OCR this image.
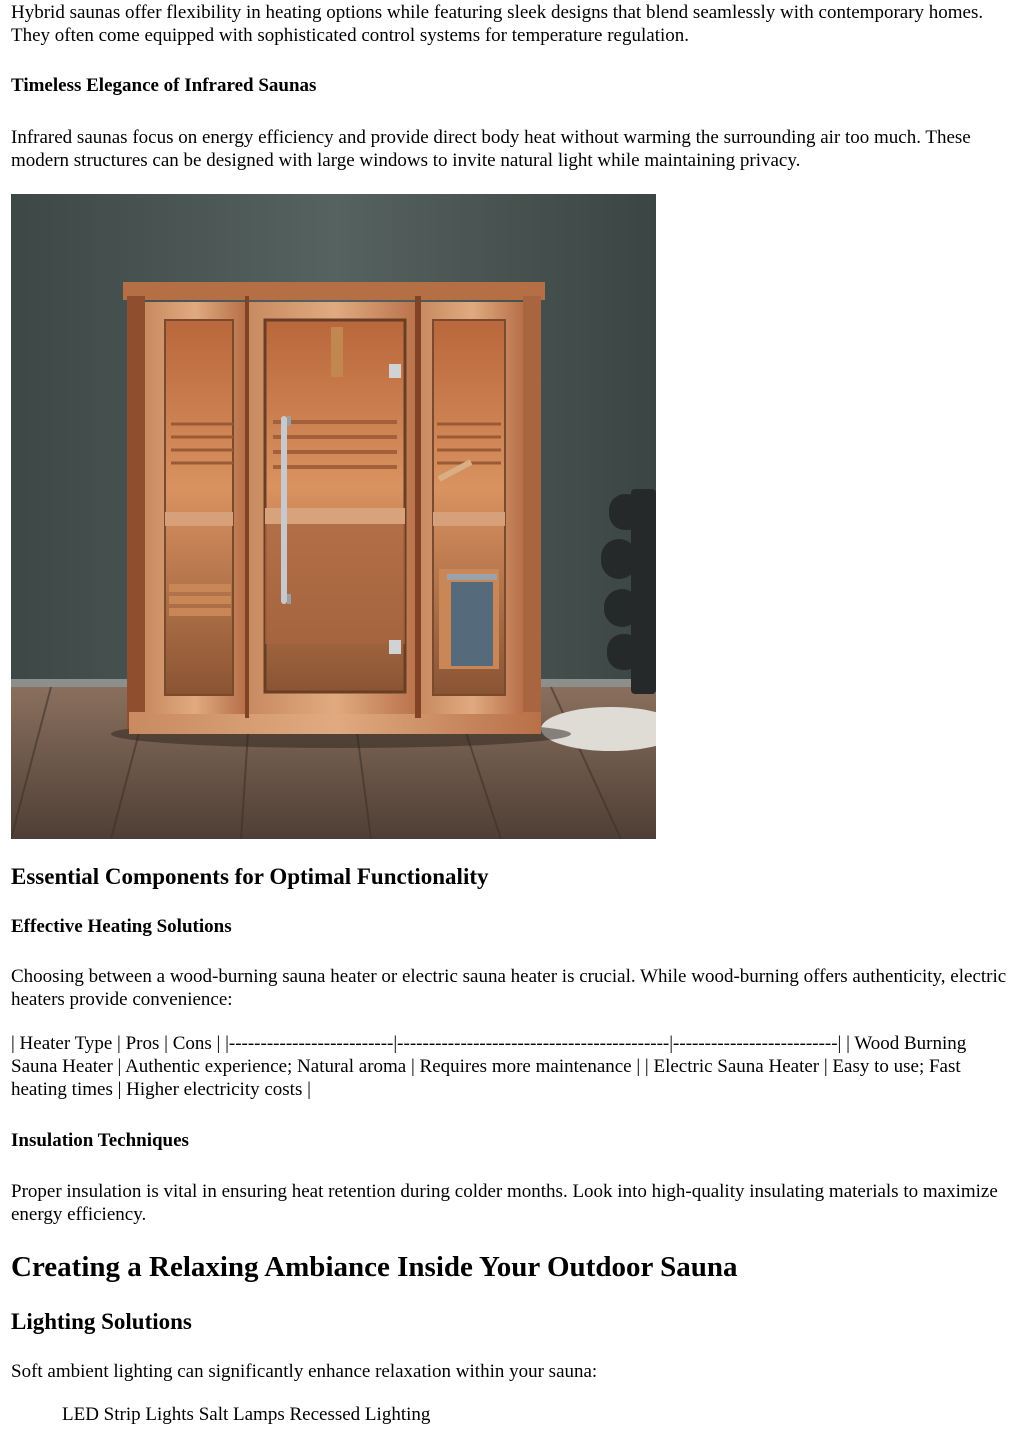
Hybrid saunas offer flexibility in heating options while featuring sleek designs that blend seamlessly with contemporary homes. They often come equipped with sophisticated control systems for temperature regulation.

Timeless Elegance of Infrared Saunas

Infrared saunas focus on energy efficiency and provide direct body heat without warming the surrounding air too much. These modern structures can be designed with large windows to invite natural light while maintaining privacy.

Essential Components for Optimal Functionality
Effective Heating Solutions

Choosing between a wood-burning sauna heater or electric sauna heater is crucial. While wood-burning offers authenticity, electric heaters provide convenience:

| Heater Type | Pros | Cons | |--------------------------|-------------------------------------------|--------------------------| | Wood Burning Sauna Heater | Authentic experience; Natural aroma | Requires more maintenance | | Electric Sauna Heater | Easy to use; Fast heating times | Higher electricity costs |

Insulation Techniques

Proper insulation is vital in ensuring heat retention during colder months. Look into high-quality insulating materials to maximize energy efficiency.

Creating a Relaxing Ambiance Inside Your Outdoor Sauna
Lighting Solutions

Soft ambient lighting can significantly enhance relaxation within your sauna:

LED Strip Lights Salt Lamps Recessed Lighting
